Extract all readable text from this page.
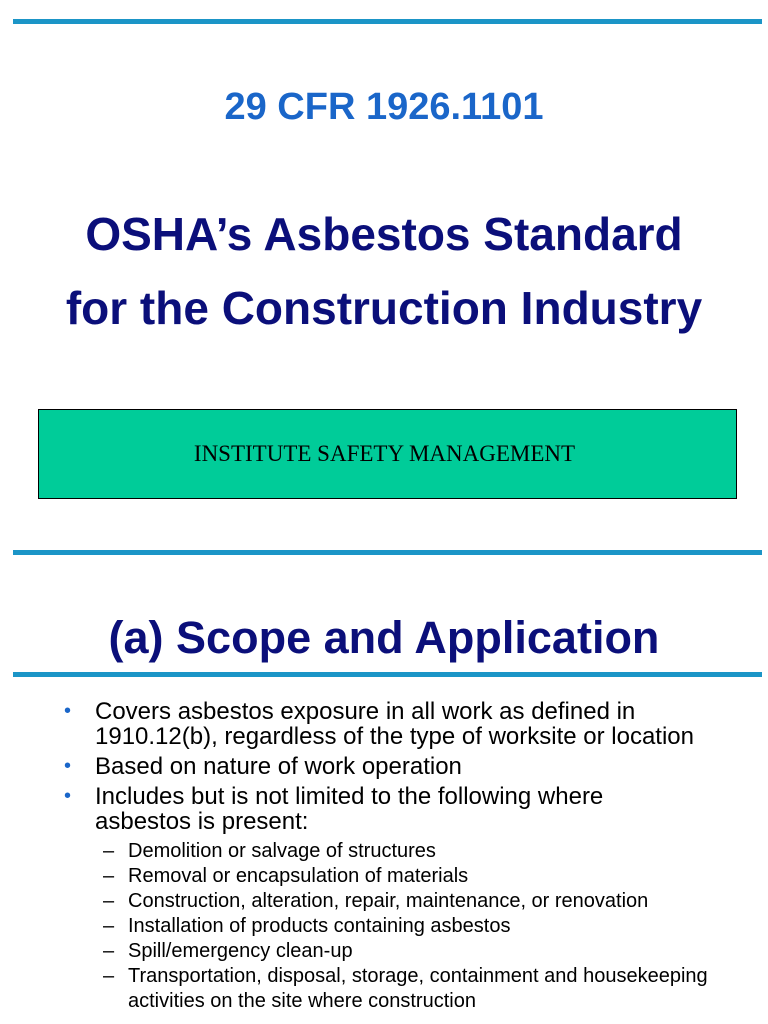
29 CFR 1926.1101
OSHA’s Asbestos Standard
for the Construction Industry
INSTITUTE SAFETY MANAGEMENT
(a) Scope and Application
• Covers asbestos exposure in all work as defined in 1910.12(b), regardless of the type of worksite or location
• Based on nature of work operation
• Includes but is not limited to the following where asbestos is present:
– Demolition or salvage of structures
– Removal or encapsulation of materials
– Construction, alteration, repair, maintenance, or renovation
– Installation of products containing asbestos
– Spill/emergency clean-up
– Transportation, disposal, storage, containment and housekeeping activities on the site where construction
